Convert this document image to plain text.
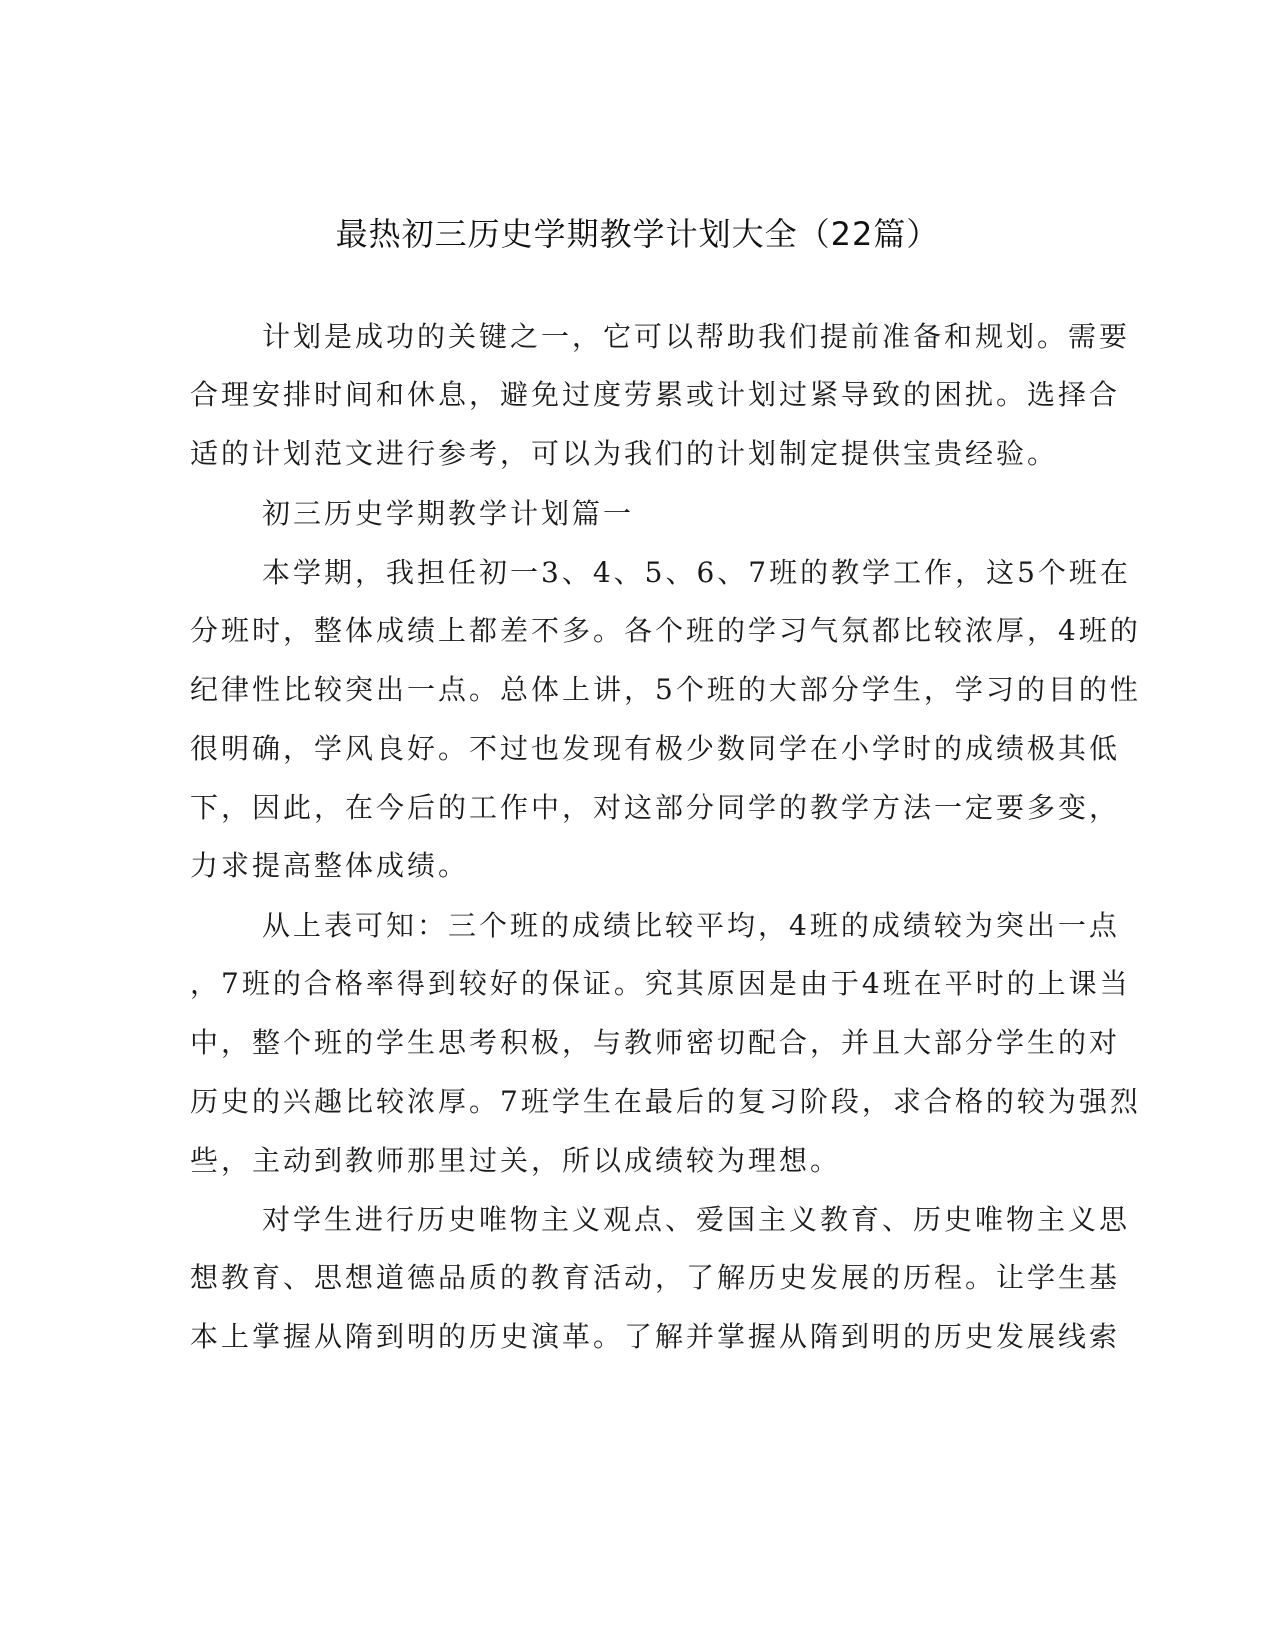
最热初三历史学期教学计划大全（22篇）
计划是成功的关键之一，它可以帮助我们提前准备和规划。需要
合理安排时间和休息，避免过度劳累或计划过紧导致的困扰。选择合
适的计划范文进行参考，可以为我们的计划制定提供宝贵经验。
初三历史学期教学计划篇一
本学期，我担任初一3、4、5、6、7班的教学工作，这5个班在
分班时，整体成绩上都差不多。各个班的学习气氛都比较浓厚，4班的
纪律性比较突出一点。总体上讲，5个班的大部分学生，学习的目的性
很明确，学风良好。不过也发现有极少数同学在小学时的成绩极其低
下，因此，在今后的工作中，对这部分同学的教学方法一定要多变，
力求提高整体成绩。
从上表可知：三个班的成绩比较平均，4班的成绩较为突出一点
，7班的合格率得到较好的保证。究其原因是由于4班在平时的上课当
中，整个班的学生思考积极，与教师密切配合，并且大部分学生的对
历史的兴趣比较浓厚。7班学生在最后的复习阶段，求合格的较为强烈
些，主动到教师那里过关，所以成绩较为理想。
对学生进行历史唯物主义观点、爱国主义教育、历史唯物主义思
想教育、思想道德品质的教育活动，了解历史发展的历程。让学生基
本上掌握从隋到明的历史演革。了解并掌握从隋到明的历史发展线索
